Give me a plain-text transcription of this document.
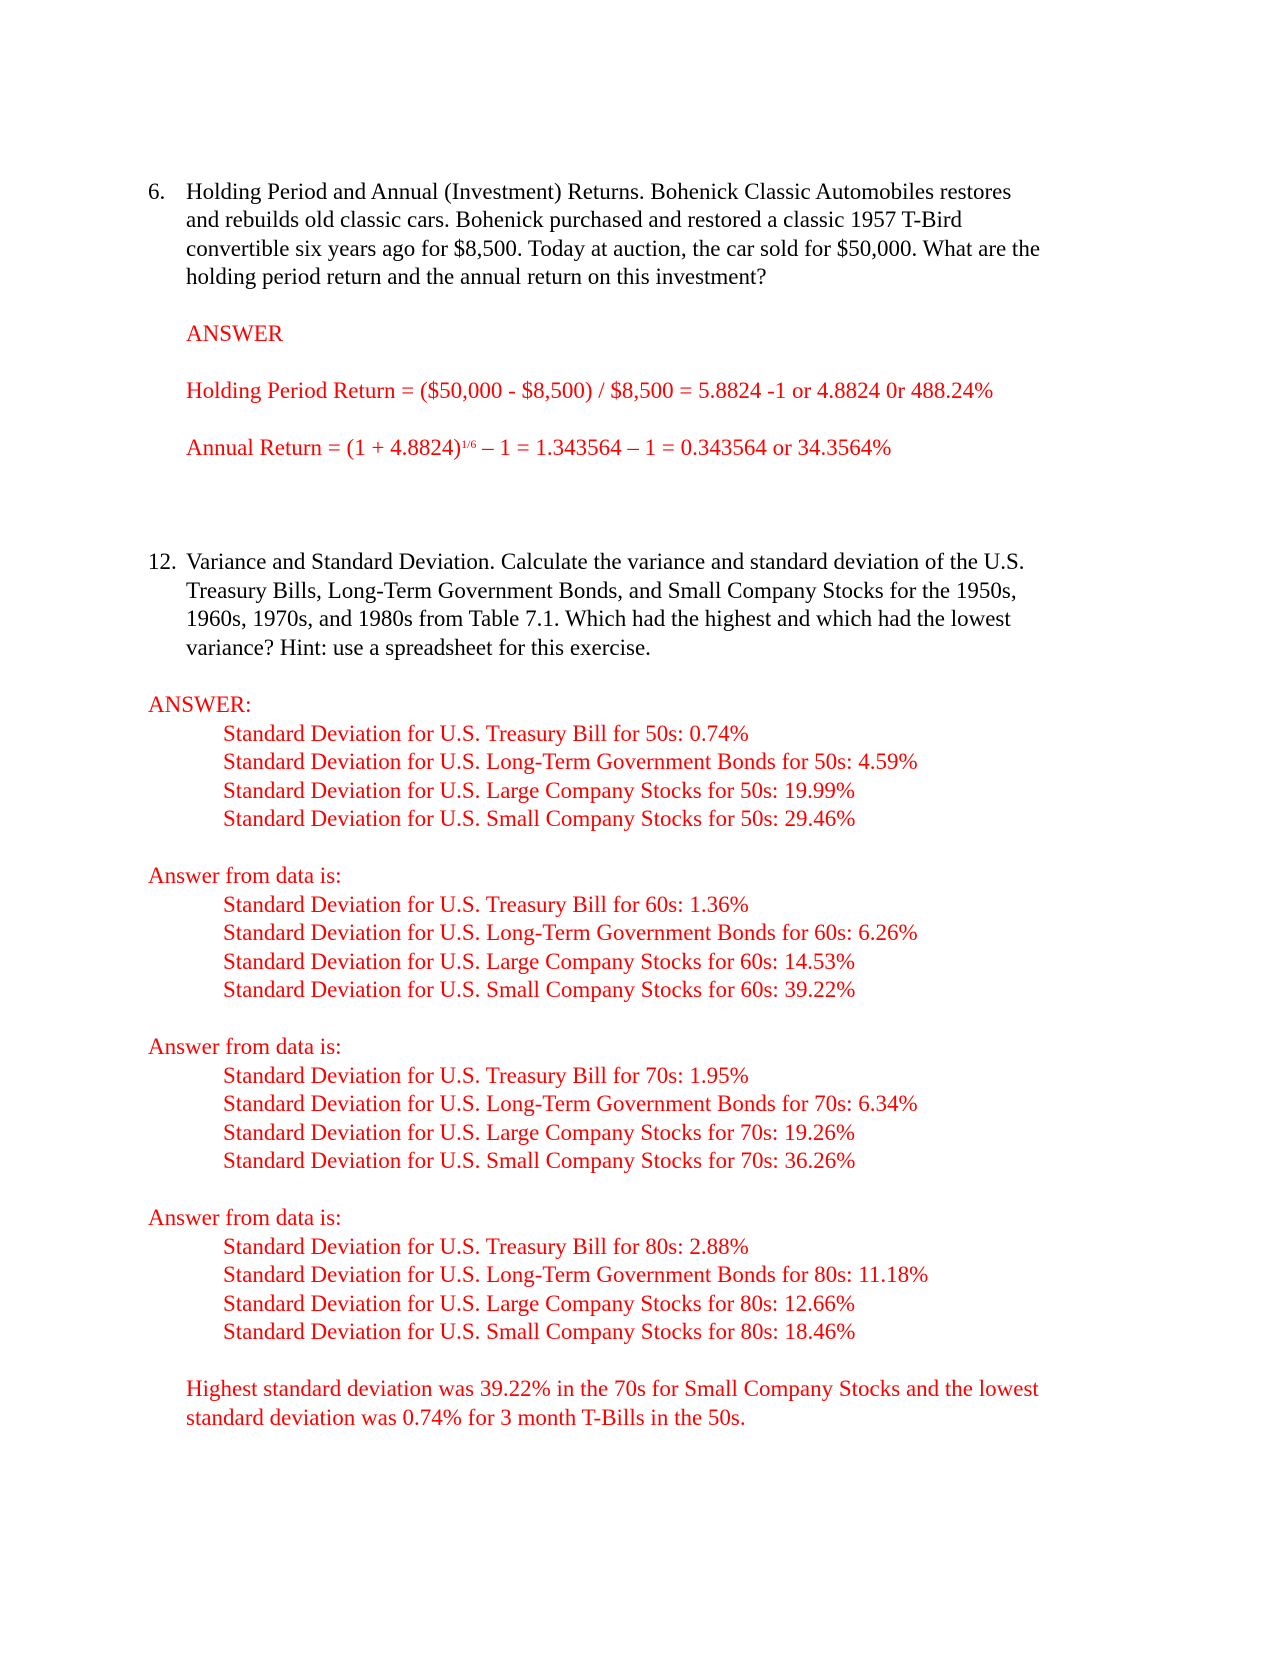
6. Holding Period and Annual (Investment) Returns. Bohenick Classic Automobiles restores
and rebuilds old classic cars. Bohenick purchased and restored a classic 1957 T-Bird
convertible six years ago for $8,500. Today at auction, the car sold for $50,000. What are the
holding period return and the annual return on this investment?
ANSWER
Holding Period Return = ($50,000 - $8,500) / $8,500 = 5.8824 -1 or 4.8824 0r 488.24%
Annual Return = $(1 + 4.8824)^{1/6} - 1 = 1.343564 - 1 = 0.343564$ or 34.3564%
12. Variance and Standard Deviation. Calculate the variance and standard deviation of the U.S.
Treasury Bills, Long-Term Government Bonds, and Small Company Stocks for the 1950s,
1960s, 1970s, and 1980s from Table 7.1. Which had the highest and which had the lowest
variance? Hint: use a spreadsheet for this exercise.
ANSWER:
Standard Deviation for U.S. Treasury Bill for 50s: 0.74%
Standard Deviation for U.S. Long-Term Government Bonds for 50s: 4.59%
Standard Deviation for U.S. Large Company Stocks for 50s: 19.99%
Standard Deviation for U.S. Small Company Stocks for 50s: 29.46%
Answer from data is:
Standard Deviation for U.S. Treasury Bill for 60s: 1.36%
Standard Deviation for U.S. Long-Term Government Bonds for 60s: 6.26%
Standard Deviation for U.S. Large Company Stocks for 60s: 14.53%
Standard Deviation for U.S. Small Company Stocks for 60s: 39.22%
Answer from data is:
Standard Deviation for U.S. Treasury Bill for 70s: 1.95%
Standard Deviation for U.S. Long-Term Government Bonds for 70s: 6.34%
Standard Deviation for U.S. Large Company Stocks for 70s: 19.26%
Standard Deviation for U.S. Small Company Stocks for 70s: 36.26%
Answer from data is:
Standard Deviation for U.S. Treasury Bill for 80s: 2.88%
Standard Deviation for U.S. Long-Term Government Bonds for 80s: 11.18%
Standard Deviation for U.S. Large Company Stocks for 80s: 12.66%
Standard Deviation for U.S. Small Company Stocks for 80s: 18.46%
Highest standard deviation was 39.22% in the 70s for Small Company Stocks and the lowest
standard deviation was 0.74% for 3 month T-Bills in the 50s.
